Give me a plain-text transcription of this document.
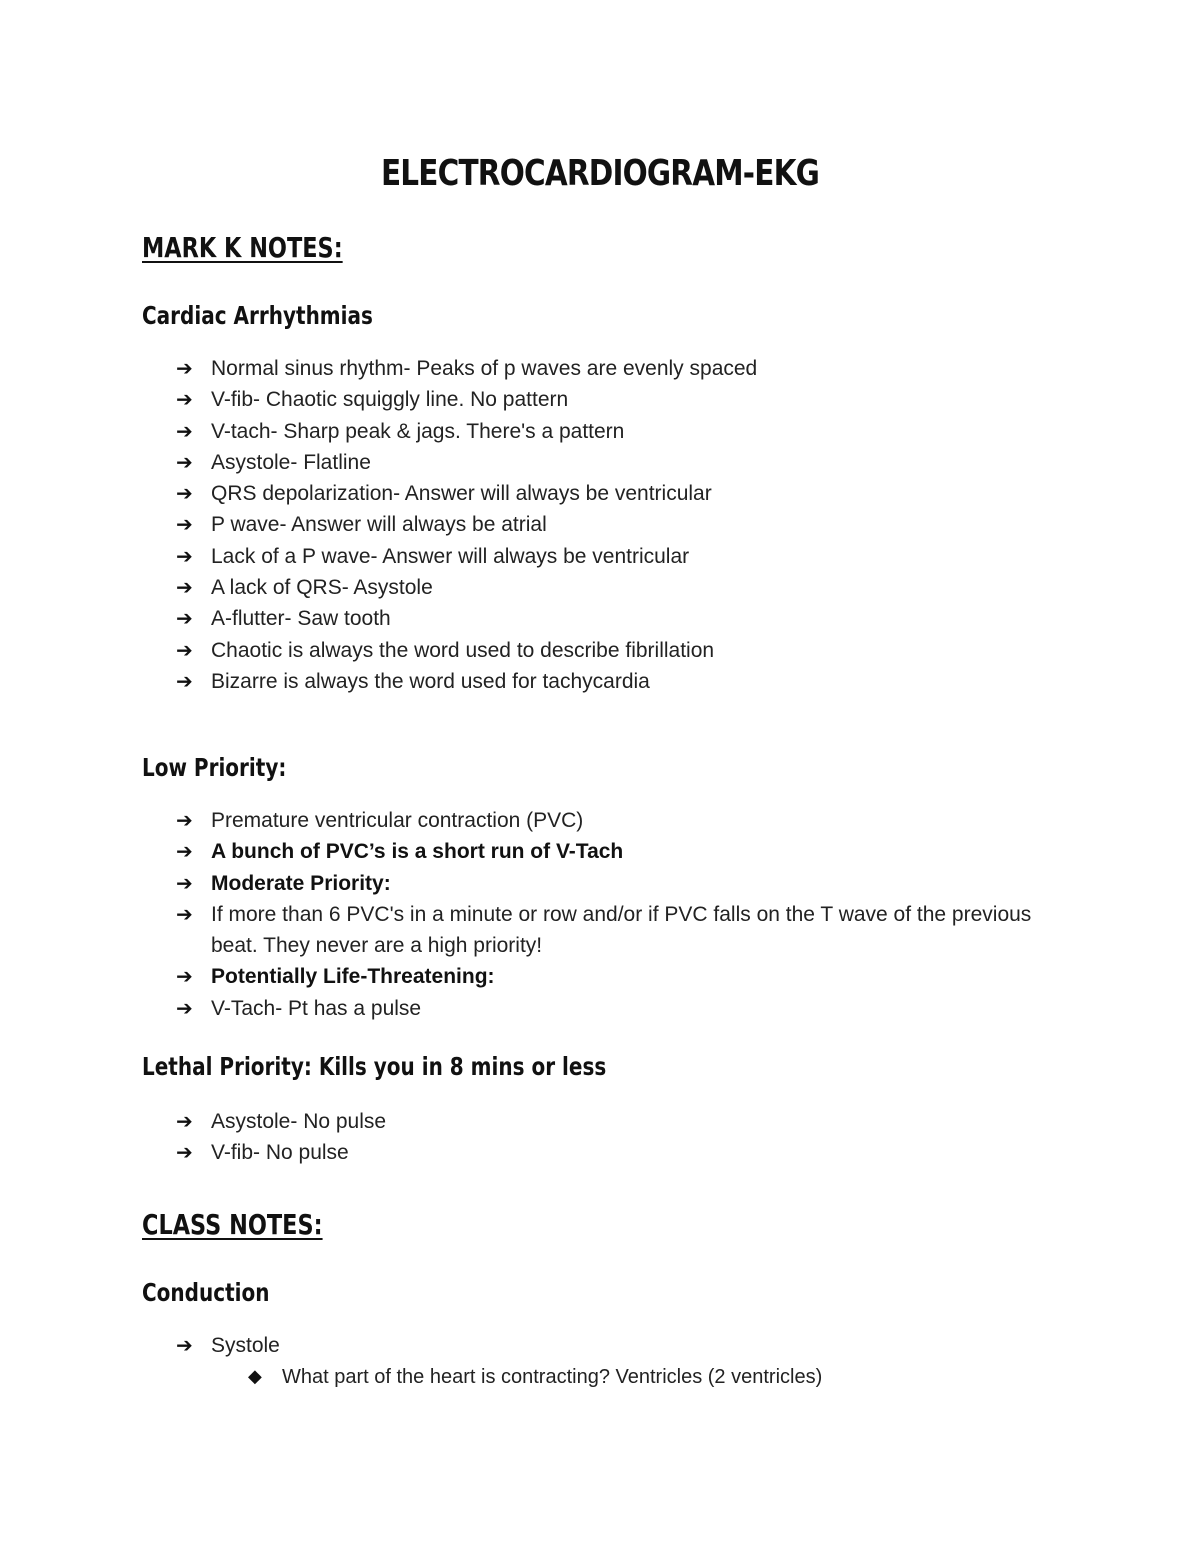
ELECTROCARDIOGRAM-EKG
MARK K NOTES:
Cardiac Arrhythmias
➔ Normal sinus rhythm- Peaks of p waves are evenly spaced
➔ V-fib- Chaotic squiggly line. No pattern
➔ V-tach- Sharp peak & jags. There's a pattern
➔ Asystole- Flatline
➔ QRS depolarization- Answer will always be ventricular
➔ P wave- Answer will always be atrial
➔ Lack of a P wave- Answer will always be ventricular
➔ A lack of QRS- Asystole
➔ A-flutter- Saw tooth
➔ Chaotic is always the word used to describe fibrillation
➔ Bizarre is always the word used for tachycardia
Low Priority:
➔ Premature ventricular contraction (PVC)
➔ A bunch of PVC’s is a short run of V-Tach
➔ Moderate Priority:
➔ If more than 6 PVC's in a minute or row and/or if PVC falls on the T wave of the previous beat. They never are a high priority!
➔ Potentially Life-Threatening:
➔ V-Tach- Pt has a pulse
Lethal Priority: Kills you in 8 mins or less
➔ Asystole- No pulse
➔ V-fib- No pulse
CLASS NOTES:
Conduction
➔ Systole
◆ What part of the heart is contracting? Ventricles (2 ventricles)
